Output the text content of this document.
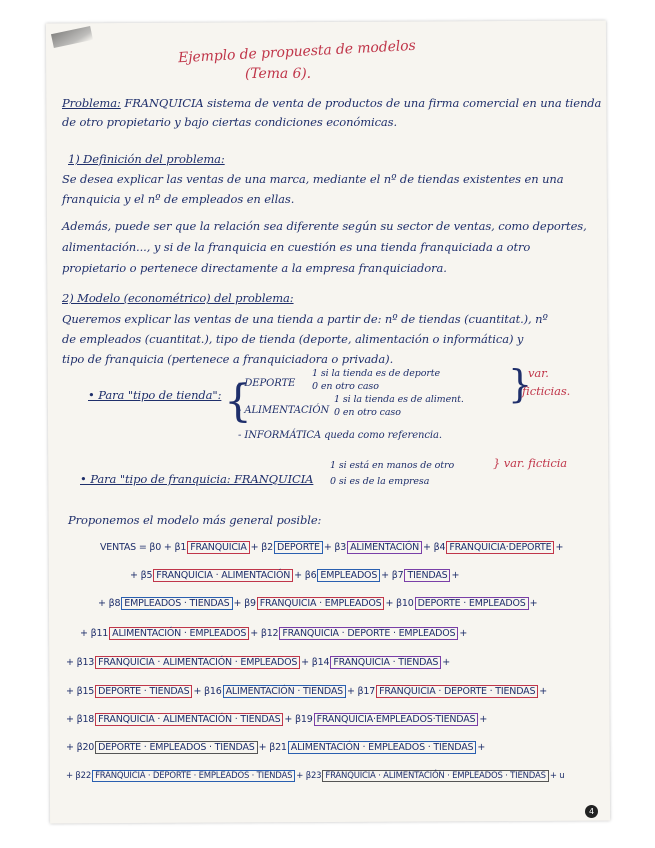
Ejemplo de propuesta de modelos
(Tema 6).
Problema: FRANQUICIA sistema de venta de productos de una firma comercial en una tienda
de otro propietario y bajo ciertas condiciones económicas.
1) Definición del problema:
Se desea explicar las ventas de una marca, mediante el nº de tiendas existentes en una
franquicia y el nº de empleados en ellas.
Además, puede ser que la relación sea diferente según su sector de ventas, como deportes,
alimentación..., y si de la franquicia en cuestión es una tienda franquiciada a otro
propietario o pertenece directamente a la empresa franquiciadora.
2) Modelo (econométrico) del problema:
Queremos explicar las ventas de una tienda a partir de: nº de tiendas (cuantitat.), nº
de empleados (cuantitat.), tipo de tienda (deporte, alimentación o informática) y
tipo de franquicia (pertenece a franquiciadora o privada).
• Para "tipo de tienda": {
- DEPORTE
1 si la tienda es de deporte
0 en otro caso
- ALIMENTACIÓN
1 si la tienda es de aliment.
0 en otro caso
- INFORMÁTICA queda como referencia.
}
var.
ficticias.
• Para "tipo de franquicia: FRANQUICIA
1 si está en manos de otro
0 si es de la empresa
} var. ficticia
Proponemos el modelo más general posible:
VENTAS = β0 + β1 FRANQUICIA + β2 DEPORTE + β3 ALIMENTACIÓN + β4 FRANQUICIA·DEPORTE +
+ β5 FRANQUICIA · ALIMENTACIÓN + β6 EMPLEADOS + β7 TIENDAS +
+ β8 EMPLEADOS · TIENDAS + β9 FRANQUICIA · EMPLEADOS + β10 DEPORTE · EMPLEADOS +
+ β11 ALIMENTACIÓN · EMPLEADOS + β12 FRANQUICIA · DEPORTE · EMPLEADOS +
+ β13 FRANQUICIA · ALIMENTACIÓN · EMPLEADOS + β14 FRANQUICIA · TIENDAS +
+ β15 DEPORTE · TIENDAS + β16 ALIMENTACIÓN · TIENDAS + β17 FRANQUICIA · DEPORTE · TIENDAS +
+ β18 FRANQUICIA · ALIMENTACIÓN · TIENDAS + β19 FRANQUICIA·EMPLEADOS·TIENDAS +
+ β20 DEPORTE · EMPLEADOS · TIENDAS + β21 ALIMENTACIÓN · EMPLEADOS · TIENDAS +
+ β22 FRANQUICIA · DEPORTE · EMPLEADOS · TIENDAS + β23 FRANQUICIA · ALIMENTACIÓN · EMPLEADOS · TIENDAS + u
4
